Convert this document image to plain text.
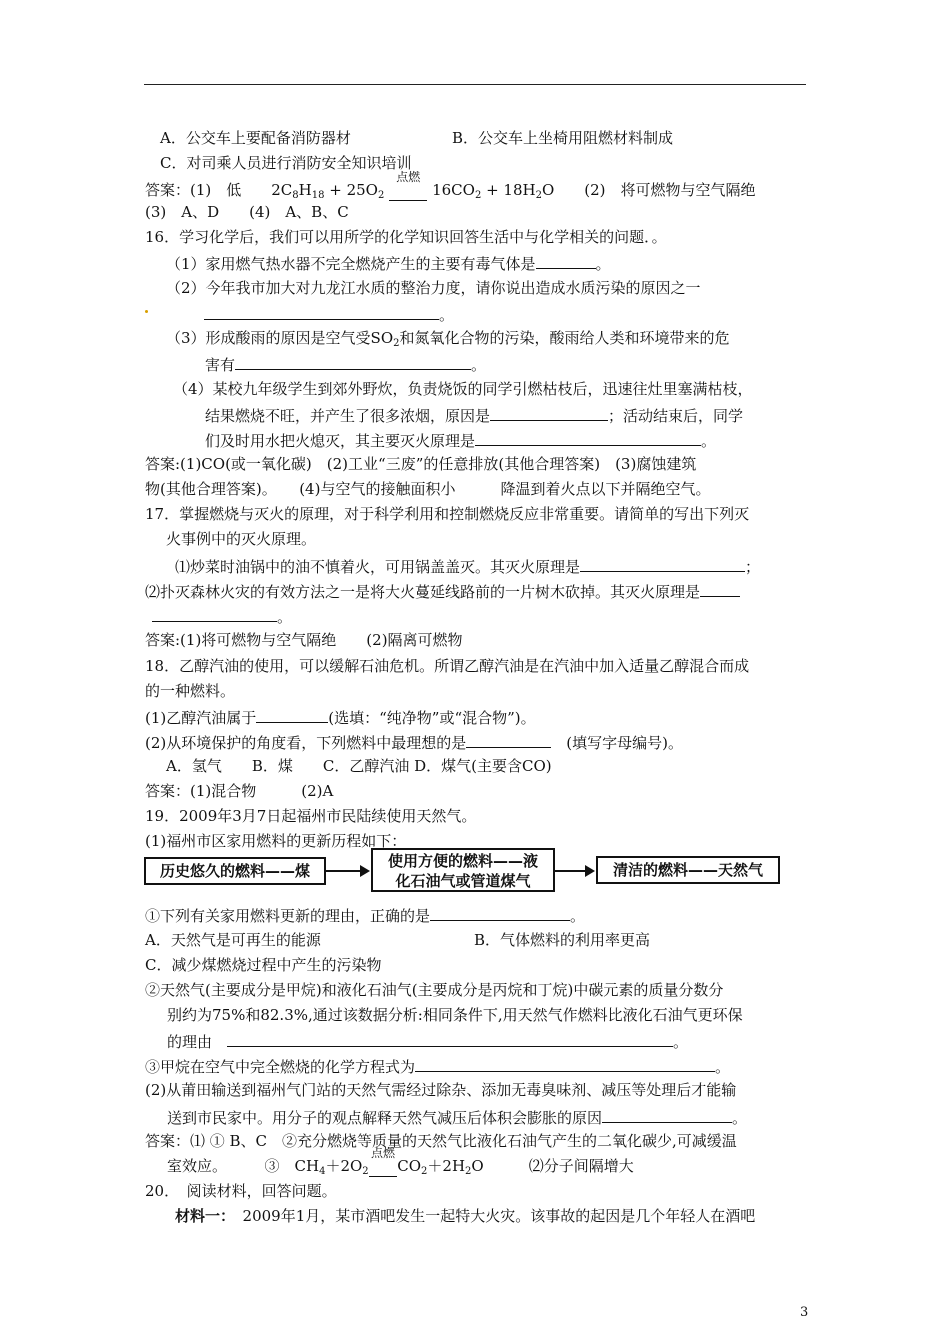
A．公交车上要配备消防器材	B．公交车上坐椅用阻燃材料制成
C．对司乘人员进行消防安全知识培训
答案：(1)　低　　$2C_8H_{18} + 25O_2$
点燃
$16CO_2 + 18H_2O$　　(2)　将可燃物与空气隔绝
(3)　A、D　　(4)　A、B、C
16．学习化学后，我们可以用所学的化学知识回答生活中与化学相关的问题．。
（1）家用燃气热水器不完全燃烧产生的主要有毒气体是	。
（2）今年我市加大对九龙江水质的整治力度，请你说出造成水质污染的原因之一
。
（3）形成酸雨的原因是空气受$SO_2$和氮氧化合物的污染，酸雨给人类和环境带来的危
害有	。
（4）某校九年级学生到郊外野炊，负责烧饭的同学引燃枯枝后，迅速往灶里塞满枯枝，
结果燃烧不旺，并产生了很多浓烟，原因是	；活动结束后，同学
们及时用水把火熄灭，其主要灭火原理是	。
答案:(1)CO(或一氧化碳)　(2)工业“三废”的任意排放(其他合理答案)　(3)腐蚀建筑
物(其他合理答案)。　　(4)与空气的接触面积小　　　降温到着火点以下并隔绝空气。
17．掌握燃烧与灭火的原理，对于科学利用和控制燃烧反应非常重要。请简单的写出下列灭
火事例中的灭火原理。
⑴炒菜时油锅中的油不慎着火，可用锅盖盖灭。其灭火原理是	；
⑵扑灭森林火灾的有效方法之一是将大火蔓延线路前的一片树木砍掉。其灭火原理是
。
答案:(1)将可燃物与空气隔绝　　(2)隔离可燃物
18．乙醇汽油的使用，可以缓解石油危机。所谓乙醇汽油是在汽油中加入适量乙醇混合而成
的一种燃料。
(1)乙醇汽油属于	(选填：“纯净物”或“混合物”)。
(2)从环境保护的角度看，下列燃料中最理想的是　	(填写字母编号)。
A．氢气　　B．煤　　C．乙醇汽油 D．煤气(主要含CO)
答案：(1)混合物　　　(2)A
19．2009年3月7日起福州市民陆续使用天然气。
(1)福州市区家用燃料的更新历程如下：
历史悠久的燃料——煤
使用方便的燃料——液
化石油气或管道煤气
清洁的燃料——天然气
①下列有关家用燃料更新的理由，正确的是	。
A．天然气是可再生的能源	B．气体燃料的利用率更高
C．减少煤燃烧过程中产生的污染物
②天然气(主要成分是甲烷)和液化石油气(主要成分是丙烷和丁烷)中碳元素的质量分数分
别约为75%和82.3%,通过该数据分析:相同条件下,用天然气作燃料比液化石油气更环保
的理由　	。
③甲烷在空气中完全燃烧的化学方程式为	。
(2)从莆田输送到福州气门站的天然气需经过除杂、添加无毒臭味剂、减压等处理后才能输
送到市民家中。用分子的观点解释天然气减压后体积会膨胀的原因	。
答案：⑴ ① B、C　②充分燃烧等质量的天然气比液化石油气产生的二氧化碳少,可减缓温
室效应。　　　③　$CH_4+2O_2$
点燃
$CO_2+2H_2O$　　　⑵分子间隔增大
20．　阅读材料，回答问题。
材料一：　 2009年1月，某市酒吧发生一起特大火灾。该事故的起因是几个年轻人在酒吧
3
